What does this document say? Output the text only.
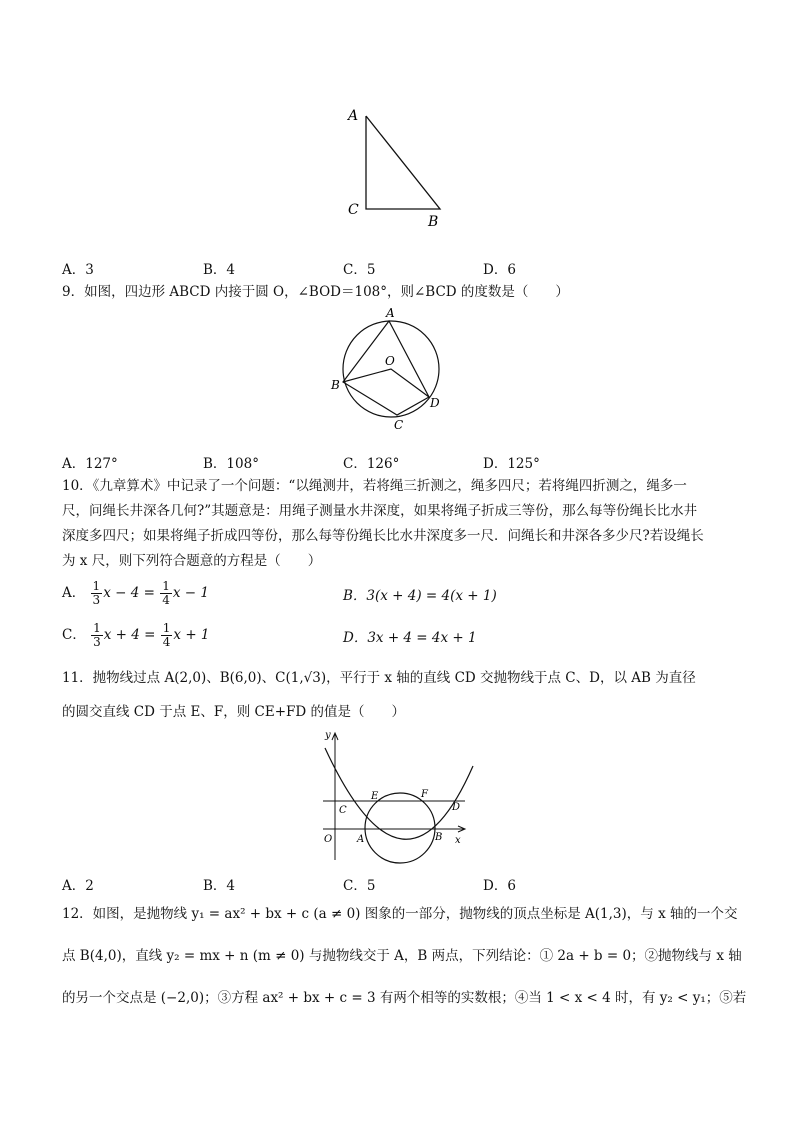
A
C
B
A．3	B．4	C．5	D．6
9．如图，四边形 ABCD 内接于圆 O，∠BOD＝108°，则∠BCD 的度数是（　　）
A
O
B
D
C
A．127°	B．108°	C．126°	D．125°
10．《九章算术》中记录了一个问题：“以绳测井，若将绳三折测之，绳多四尺；若将绳四折测之，绳多一
尺，问绳长井深各几何?”其题意是：用绳子测量水井深度，如果将绳子折成三等份，那么每等份绳长比水井
深度多四尺；如果将绳子折成四等份，那么每等份绳长比水井深度多一尺．问绳长和井深各多少尺?若设绳长
为 x 尺，则下列符合题意的方程是（　　）
A． $\frac{1}{3}$ $x - 4 = \frac{1}{4}$ x − 1	B．3(x + 4) = 4(x + 1)
C． $\frac{1}{3}$ $x + 4 = \frac{1}{4}$ x + 1	D．3x + 4 = 4x + 1
11．抛物线过点 A(2,0)、B(6,0)、C(1,√3)，平行于 x 轴的直线 CD 交抛物线于点 C、D，以 AB 为直径
的圆交直线 CD 于点 E、F，则 CE+FD 的值是（　　）
y
x
O
C
E	F
D
A	B
A．2	B．4	C．5	D．6
12．如图，是抛物线 y₁ = ax² + bx + c (a ≠ 0) 图象的一部分，抛物线的顶点坐标是 A(1,3)，与 x 轴的一个交
点 B(4,0)，直线 y₂ = mx + n (m ≠ 0) 与抛物线交于 A，B 两点，下列结论：① 2a + b = 0；②抛物线与 x 轴
的另一个交点是 (−2,0)；③方程 ax² + bx + c = 3 有两个相等的实数根；④当 1 < x < 4 时，有 y₂ < y₁；⑤若
